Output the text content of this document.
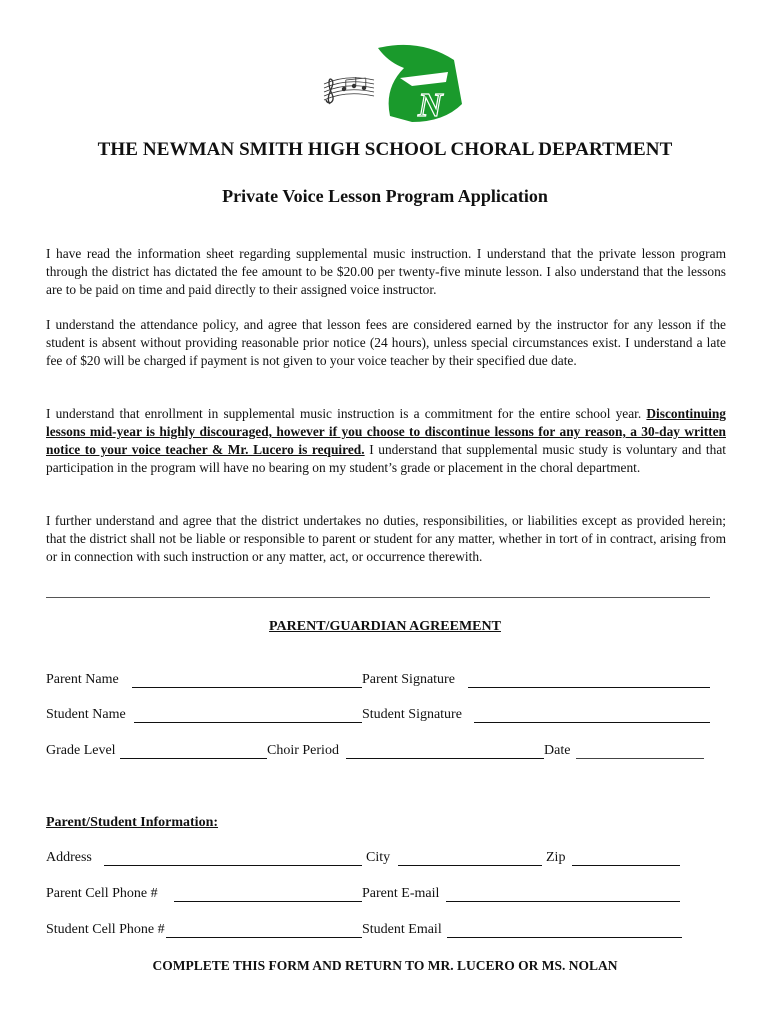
N
THE NEWMAN SMITH HIGH SCHOOL CHORAL DEPARTMENT
Private Voice Lesson Program Application

I have read the information sheet regarding supplemental music instruction. I understand that the private lesson program through the district has dictated the fee amount to be $20.00 per twenty-five minute lesson. I also understand that the lessons are to be paid on time and paid directly to their assigned voice instructor.

I understand the attendance policy, and agree that lesson fees are considered earned by the instructor for any lesson if the student is absent without providing reasonable prior notice (24 hours), unless special circumstances exist. I understand a late fee of $20 will be charged if payment is not given to your voice teacher by their specified due date.

I understand that enrollment in supplemental music instruction is a commitment for the entire school year. Discontinuing lessons mid-year is highly discouraged, however if you choose to discontinue lessons for any reason, a 30-day written notice to your voice teacher & Mr. Lucero is required. I understand that supplemental music study is voluntary and that participation in the program will have no bearing on my student’s grade or placement in the choral department.

I further understand and agree that the district undertakes no duties, responsibilities, or liabilities except as provided herein; that the district shall not be liable or responsible to parent or student for any matter, whether in tort of in contract, arising from or in connection with such instruction or any matter, act, or occurrence therewith.

PARENT/GUARDIAN AGREEMENT
Parent Name	Parent Signature
Student Name	Student Signature
Grade Level	Choir Period	Date
Parent/Student Information:
Address	City	Zip
Parent Cell Phone #	Parent E-mail
Student Cell Phone #	Student Email
COMPLETE THIS FORM AND RETURN TO MR. LUCERO OR MS. NOLAN
